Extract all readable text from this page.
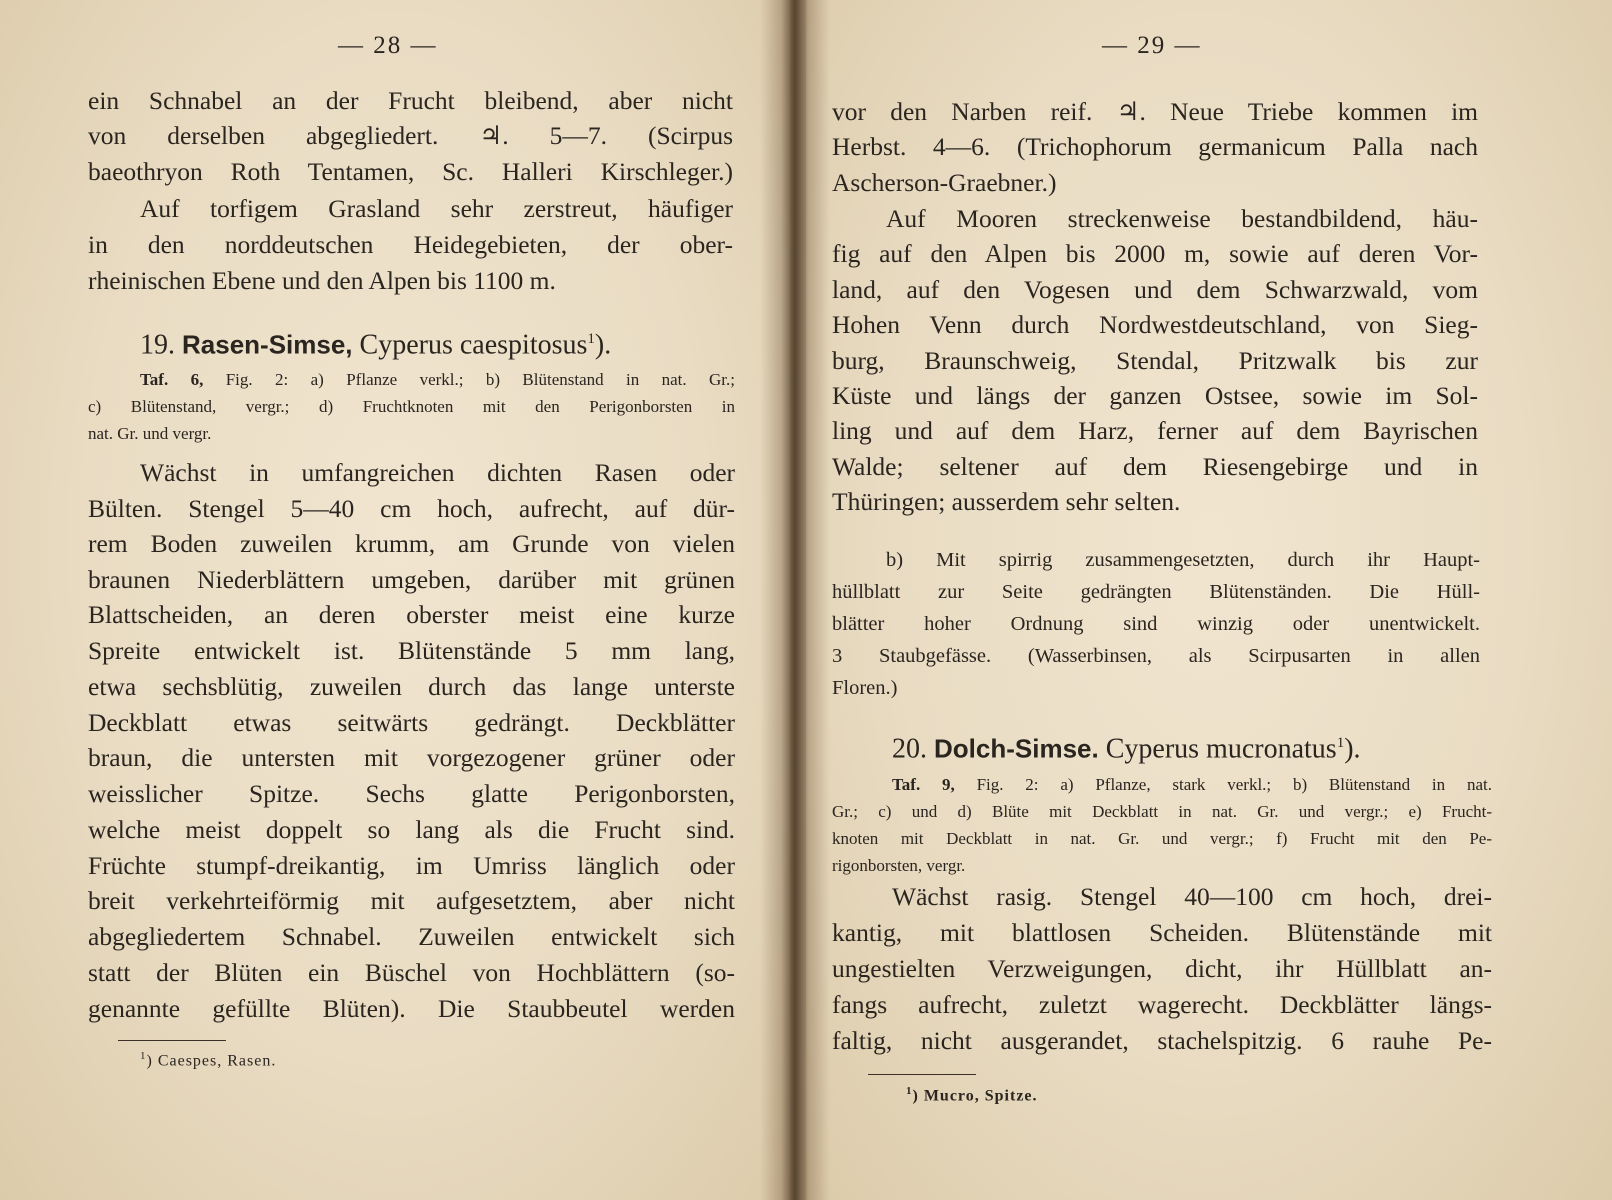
— 28 —
ein Schnabel an der Frucht bleibend, aber nicht
von derselben abgegliedert. ♃. 5—7. (Scirpus
baeothryon Roth Tentamen, Sc. Halleri Kirschleger.)
Auf torfigem Grasland sehr zerstreut, häufiger
in den norddeutschen Heidegebieten, der ober-
rheinischen Ebene und den Alpen bis 1100 m.
19. Rasen-Simse, Cyperus caespitosus$^1$).
Taf. 6, Fig. 2: a) Pflanze verkl.; b) Blütenstand in nat. Gr.;
c) Blütenstand, vergr.; d) Fruchtknoten mit den Perigonborsten in
nat. Gr. und vergr.
Wächst in umfangreichen dichten Rasen oder
Bülten. Stengel 5—40 cm hoch, aufrecht, auf dür-
rem Boden zuweilen krumm, am Grunde von vielen
braunen Niederblättern umgeben, darüber mit grünen
Blattscheiden, an deren oberster meist eine kurze
Spreite entwickelt ist. Blütenstände 5 mm lang,
etwa sechsblütig, zuweilen durch das lange unterste
Deckblatt etwas seitwärts gedrängt. Deckblätter
braun, die untersten mit vorgezogener grüner oder
weisslicher Spitze. Sechs glatte Perigonborsten,
welche meist doppelt so lang als die Frucht sind.
Früchte stumpf-dreikantig, im Umriss länglich oder
breit verkehrteiförmig mit aufgesetztem, aber nicht
abgegliedertem Schnabel. Zuweilen entwickelt sich
statt der Blüten ein Büschel von Hochblättern (so-
genannte gefüllte Blüten). Die Staubbeutel werden
$^1$) Caespes, Rasen.
— 29 —
vor den Narben reif. ♃. Neue Triebe kommen im
Herbst. 4—6. (Trichophorum germanicum Palla nach
Ascherson-Graebner.)
Auf Mooren streckenweise bestandbildend, häu-
fig auf den Alpen bis 2000 m, sowie auf deren Vor-
land, auf den Vogesen und dem Schwarzwald, vom
Hohen Venn durch Nordwestdeutschland, von Sieg-
burg, Braunschweig, Stendal, Pritzwalk bis zur
Küste und längs der ganzen Ostsee, sowie im Sol-
ling und auf dem Harz, ferner auf dem Bayrischen
Walde; seltener auf dem Riesengebirge und in
Thüringen; ausserdem sehr selten.
b) Mit spirrig zusammengesetzten, durch ihr Haupt-
hüllblatt zur Seite gedrängten Blütenständen. Die Hüll-
blätter hoher Ordnung sind winzig oder unentwickelt.
3 Staubgefässe. (Wasserbinsen, als Scirpusarten in allen
Floren.)
20. Dolch-Simse. Cyperus mucronatus$^1$).
Taf. 9, Fig. 2: a) Pflanze, stark verkl.; b) Blütenstand in nat.
Gr.; c) und d) Blüte mit Deckblatt in nat. Gr. und vergr.; e) Frucht-
knoten mit Deckblatt in nat. Gr. und vergr.; f) Frucht mit den Pe-
rigonborsten, vergr.
Wächst rasig. Stengel 40—100 cm hoch, drei-
kantig, mit blattlosen Scheiden. Blütenstände mit
ungestielten Verzweigungen, dicht, ihr Hüllblatt an-
fangs aufrecht, zuletzt wagerecht. Deckblätter längs-
faltig, nicht ausgerandet, stachelspitzig. 6 rauhe Pe-
$^1$) Mucro, Spitze.
